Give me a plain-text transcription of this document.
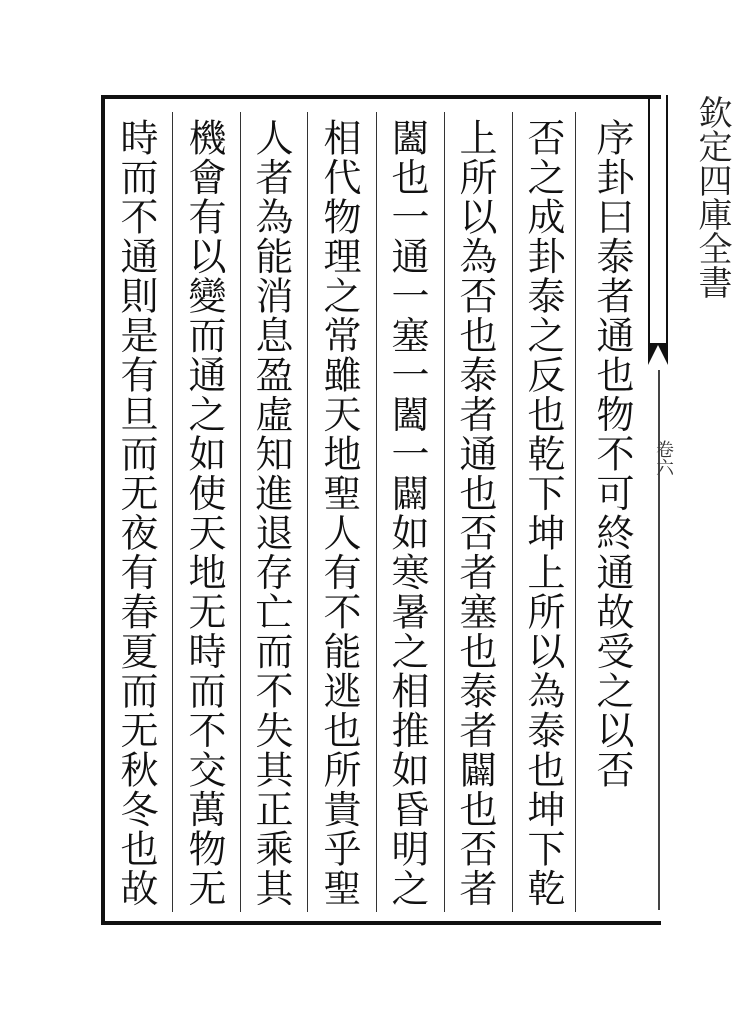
序卦曰泰者通也物不可終通故受之以否
否之成卦泰之反也乾下坤上所以為泰也坤下乾
上所以為否也泰者通也否者塞也泰者闢也否者
闔也一通一塞一闔一闢如寒暑之相推如昏明之
相代物理之常雖天地聖人有不能逃也所貴乎聖
人者為能消息盈虛知進退存亡而不失其正乘其
機會有以變而通之如使天地无時而不交萬物无
時而不通則是有旦而无夜有春夏而无秋冬也故	欽定四庫全書
卷六
